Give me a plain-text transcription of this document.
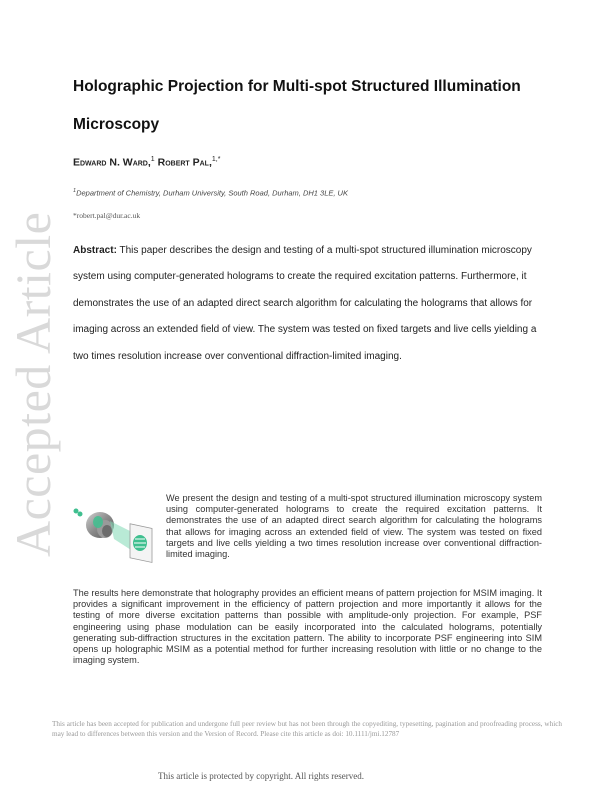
Accepted Article
Holographic Projection for Multi-spot Structured Illumination Microscopy
Edward N. Ward,$^1$ Robert Pal,$^{1,*}$
$^1$Department of Chemistry, Durham University, South Road, Durham, DH1 3LE, UK
*robert.pal@dur.ac.uk
Abstract: This paper describes the design and testing of a multi-spot structured illumination microscopy system using computer-generated holograms to create the required excitation patterns. Furthermore, it demonstrates the use of an adapted direct search algorithm for calculating the holograms that allows for imaging across an extended field of view. The system was tested on fixed targets and live cells yielding a two times resolution increase over conventional diffraction-limited imaging.
We present the design and testing of a multi-spot structured illumination microscopy system using computer-generated holograms to create the required excitation patterns. It demonstrates the use of an adapted direct search algorithm for calculating the holograms that allows for imaging across an extended field of view. The system was tested on fixed targets and live cells yielding a two times resolution increase over conventional diffraction-limited imaging.
The results here demonstrate that holography provides an efficient means of pattern projection for MSIM imaging. It provides a significant improvement in the efficiency of pattern projection and more importantly it allows for the testing of more diverse excitation patterns than possible with amplitude-only projection. For example, PSF engineering using phase modulation can be easily incorporated into the calculated holograms, potentially generating sub-diffraction structures in the excitation pattern. The ability to incorporate PSF engineering into SIM opens up holographic MSIM as a potential method for further increasing resolution with little or no change to the imaging system.
This article has been accepted for publication and undergone full peer review but has not been through the copyediting, typesetting, pagination and proofreading process, which may lead to differences between this version and the Version of Record. Please cite this article as doi: 10.1111/jmi.12787
This article is protected by copyright. All rights reserved.
